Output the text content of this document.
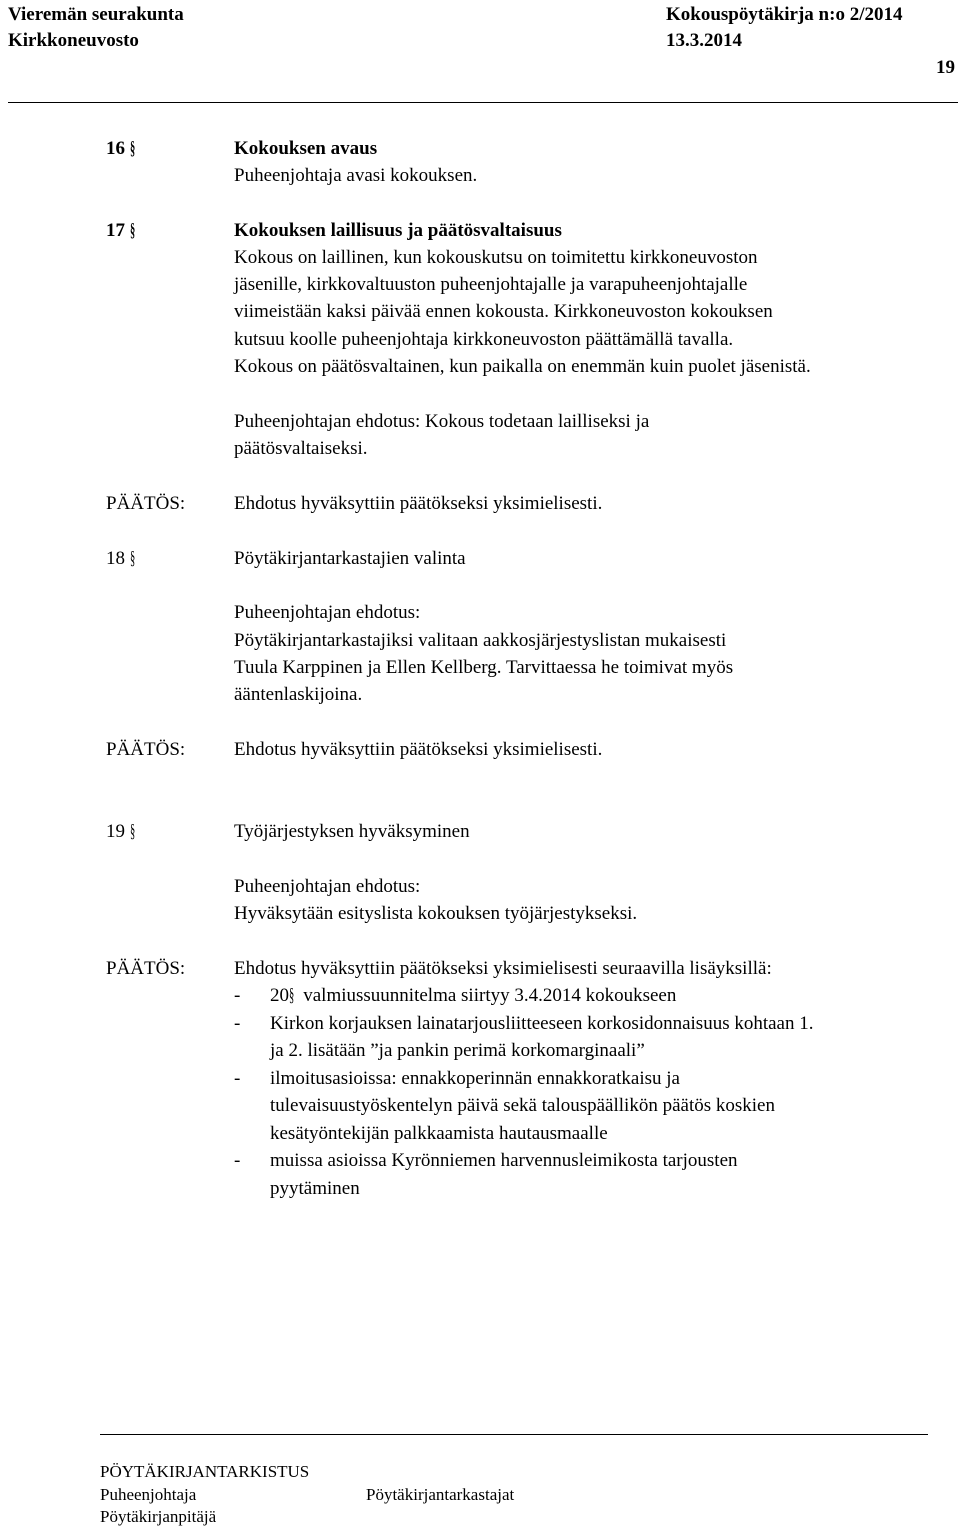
Vieremän seurakunta
Kirkkoneuvosto
Kokouspöytäkirja n:o 2/2014
13.3.2014
19
16 §	Kokouksen avaus
Puheenjohtaja avasi kokouksen.
17 §	Kokouksen laillisuus ja päätösvaltaisuus
Kokous on laillinen, kun kokouskutsu on toimitettu kirkkoneuvoston
jäsenille, kirkkovaltuuston puheenjohtajalle ja varapuheenjohtajalle
viimeistään kaksi päivää ennen kokousta. Kirkkoneuvoston kokouksen
kutsuu koolle puheenjohtaja kirkkoneuvoston päättämällä tavalla.
Kokous on päätösvaltainen, kun paikalla on enemmän kuin puolet jäsenistä.
Puheenjohtajan ehdotus: Kokous todetaan lailliseksi ja
päätösvaltaiseksi.
PÄÄTÖS:	Ehdotus hyväksyttiin päätökseksi yksimielisesti.
18 §	Pöytäkirjantarkastajien valinta
Puheenjohtajan ehdotus:
Pöytäkirjantarkastajiksi valitaan aakkosjärjestyslistan mukaisesti
Tuula Karppinen ja Ellen Kellberg. Tarvittaessa he toimivat myös
ääntenlaskijoina.
PÄÄTÖS:	Ehdotus hyväksyttiin päätökseksi yksimielisesti.
19 §	Työjärjestyksen hyväksyminen
Puheenjohtajan ehdotus:
Hyväksytään esityslista kokouksen työjärjestykseksi.
PÄÄTÖS:	Ehdotus hyväksyttiin päätökseksi yksimielisesti seuraavilla lisäyksillä:
- 20§ valmiussuunnitelma siirtyy 3.4.2014 kokoukseen
- Kirkon korjauksen lainatarjousliitteeseen korkosidonnaisuus kohtaan 1.
ja 2. lisätään ”ja pankin perimä korkomarginaali”
- ilmoitusasioissa: ennakkoperinnän ennakkoratkaisu ja
tulevaisuustyöskentelyn päivä sekä talouspäällikön päätös koskien
kesätyöntekijän palkkaamista hautausmaalle
- muissa asioissa Kyrönniemen harvennusleimikosta tarjousten
pyytäminen
PÖYTÄKIRJANTARKISTUS
Puheenjohtaja	Pöytäkirjantarkastajat
Pöytäkirjanpitäjä
